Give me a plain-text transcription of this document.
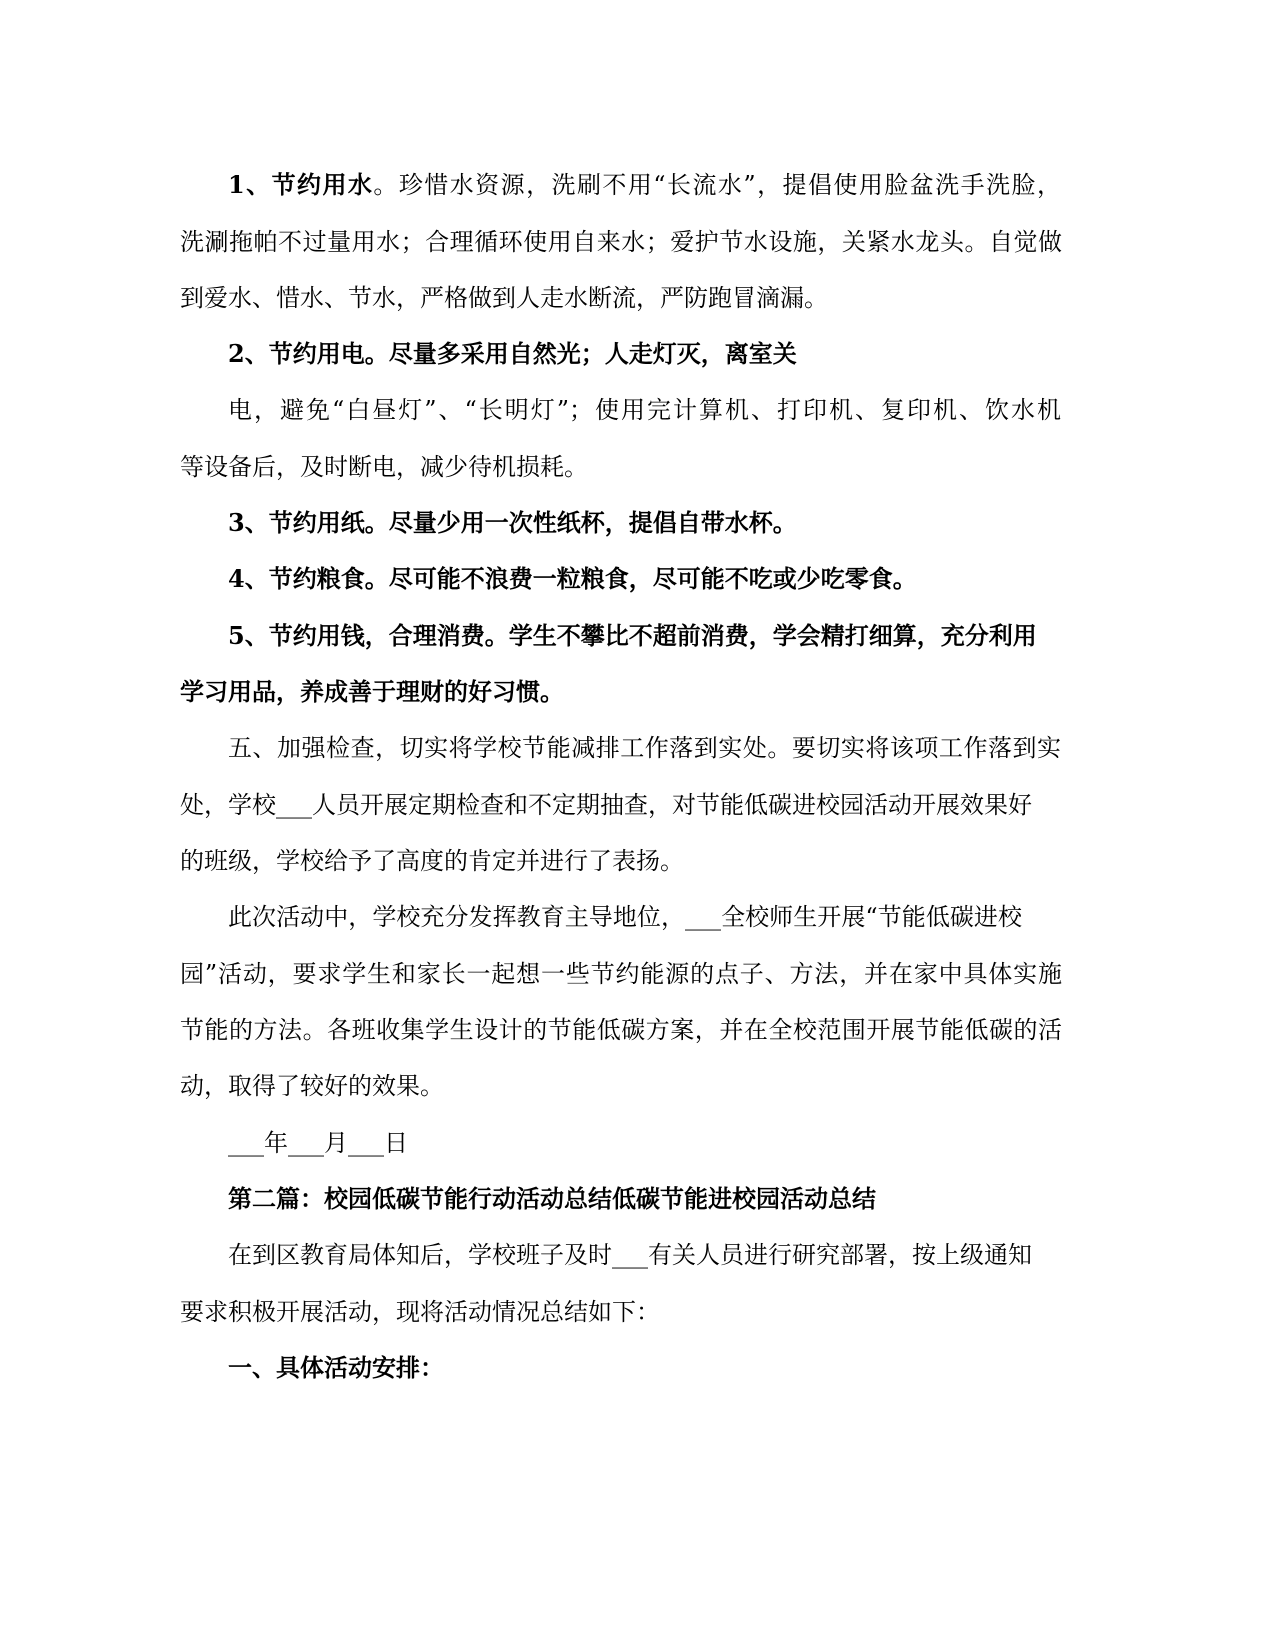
1、节约用水。珍惜水资源，洗刷不用“长流水”，提倡使用脸盆洗手洗脸，
洗涮拖帕不过量用水；合理循环使用自来水；爱护节水设施，关紧水龙头。自觉做
到爱水、惜水、节水，严格做到人走水断流，严防跑冒滴漏。
2、节约用电。尽量多采用自然光；人走灯灭，离室关
电，避免“白昼灯”、“长明灯”；使用完计算机、打印机、复印机、饮水机
等设备后，及时断电，减少待机损耗。
3、节约用纸。尽量少用一次性纸杯，提倡自带水杯。
4、节约粮食。尽可能不浪费一粒粮食，尽可能不吃或少吃零食。
5、节约用钱，合理消费。学生不攀比不超前消费，学会精打细算，充分利用
学习用品，养成善于理财的好习惯。
五、加强检查，切实将学校节能减排工作落到实处。要切实将该项工作落到实
处，学校___人员开展定期检查和不定期抽查，对节能低碳进校园活动开展效果好
的班级，学校给予了高度的肯定并进行了表扬。
此次活动中，学校充分发挥教育主导地位，___全校师生开展“节能低碳进校
园”活动，要求学生和家长一起想一些节约能源的点子、方法，并在家中具体实施
节能的方法。各班收集学生设计的节能低碳方案，并在全校范围开展节能低碳的活
动，取得了较好的效果。
___年___月___日
第二篇：校园低碳节能行动活动总结低碳节能进校园活动总结
在到区教育局体知后，学校班子及时___有关人员进行研究部署，按上级通知
要求积极开展活动，现将活动情况总结如下：
一、具体活动安排：
